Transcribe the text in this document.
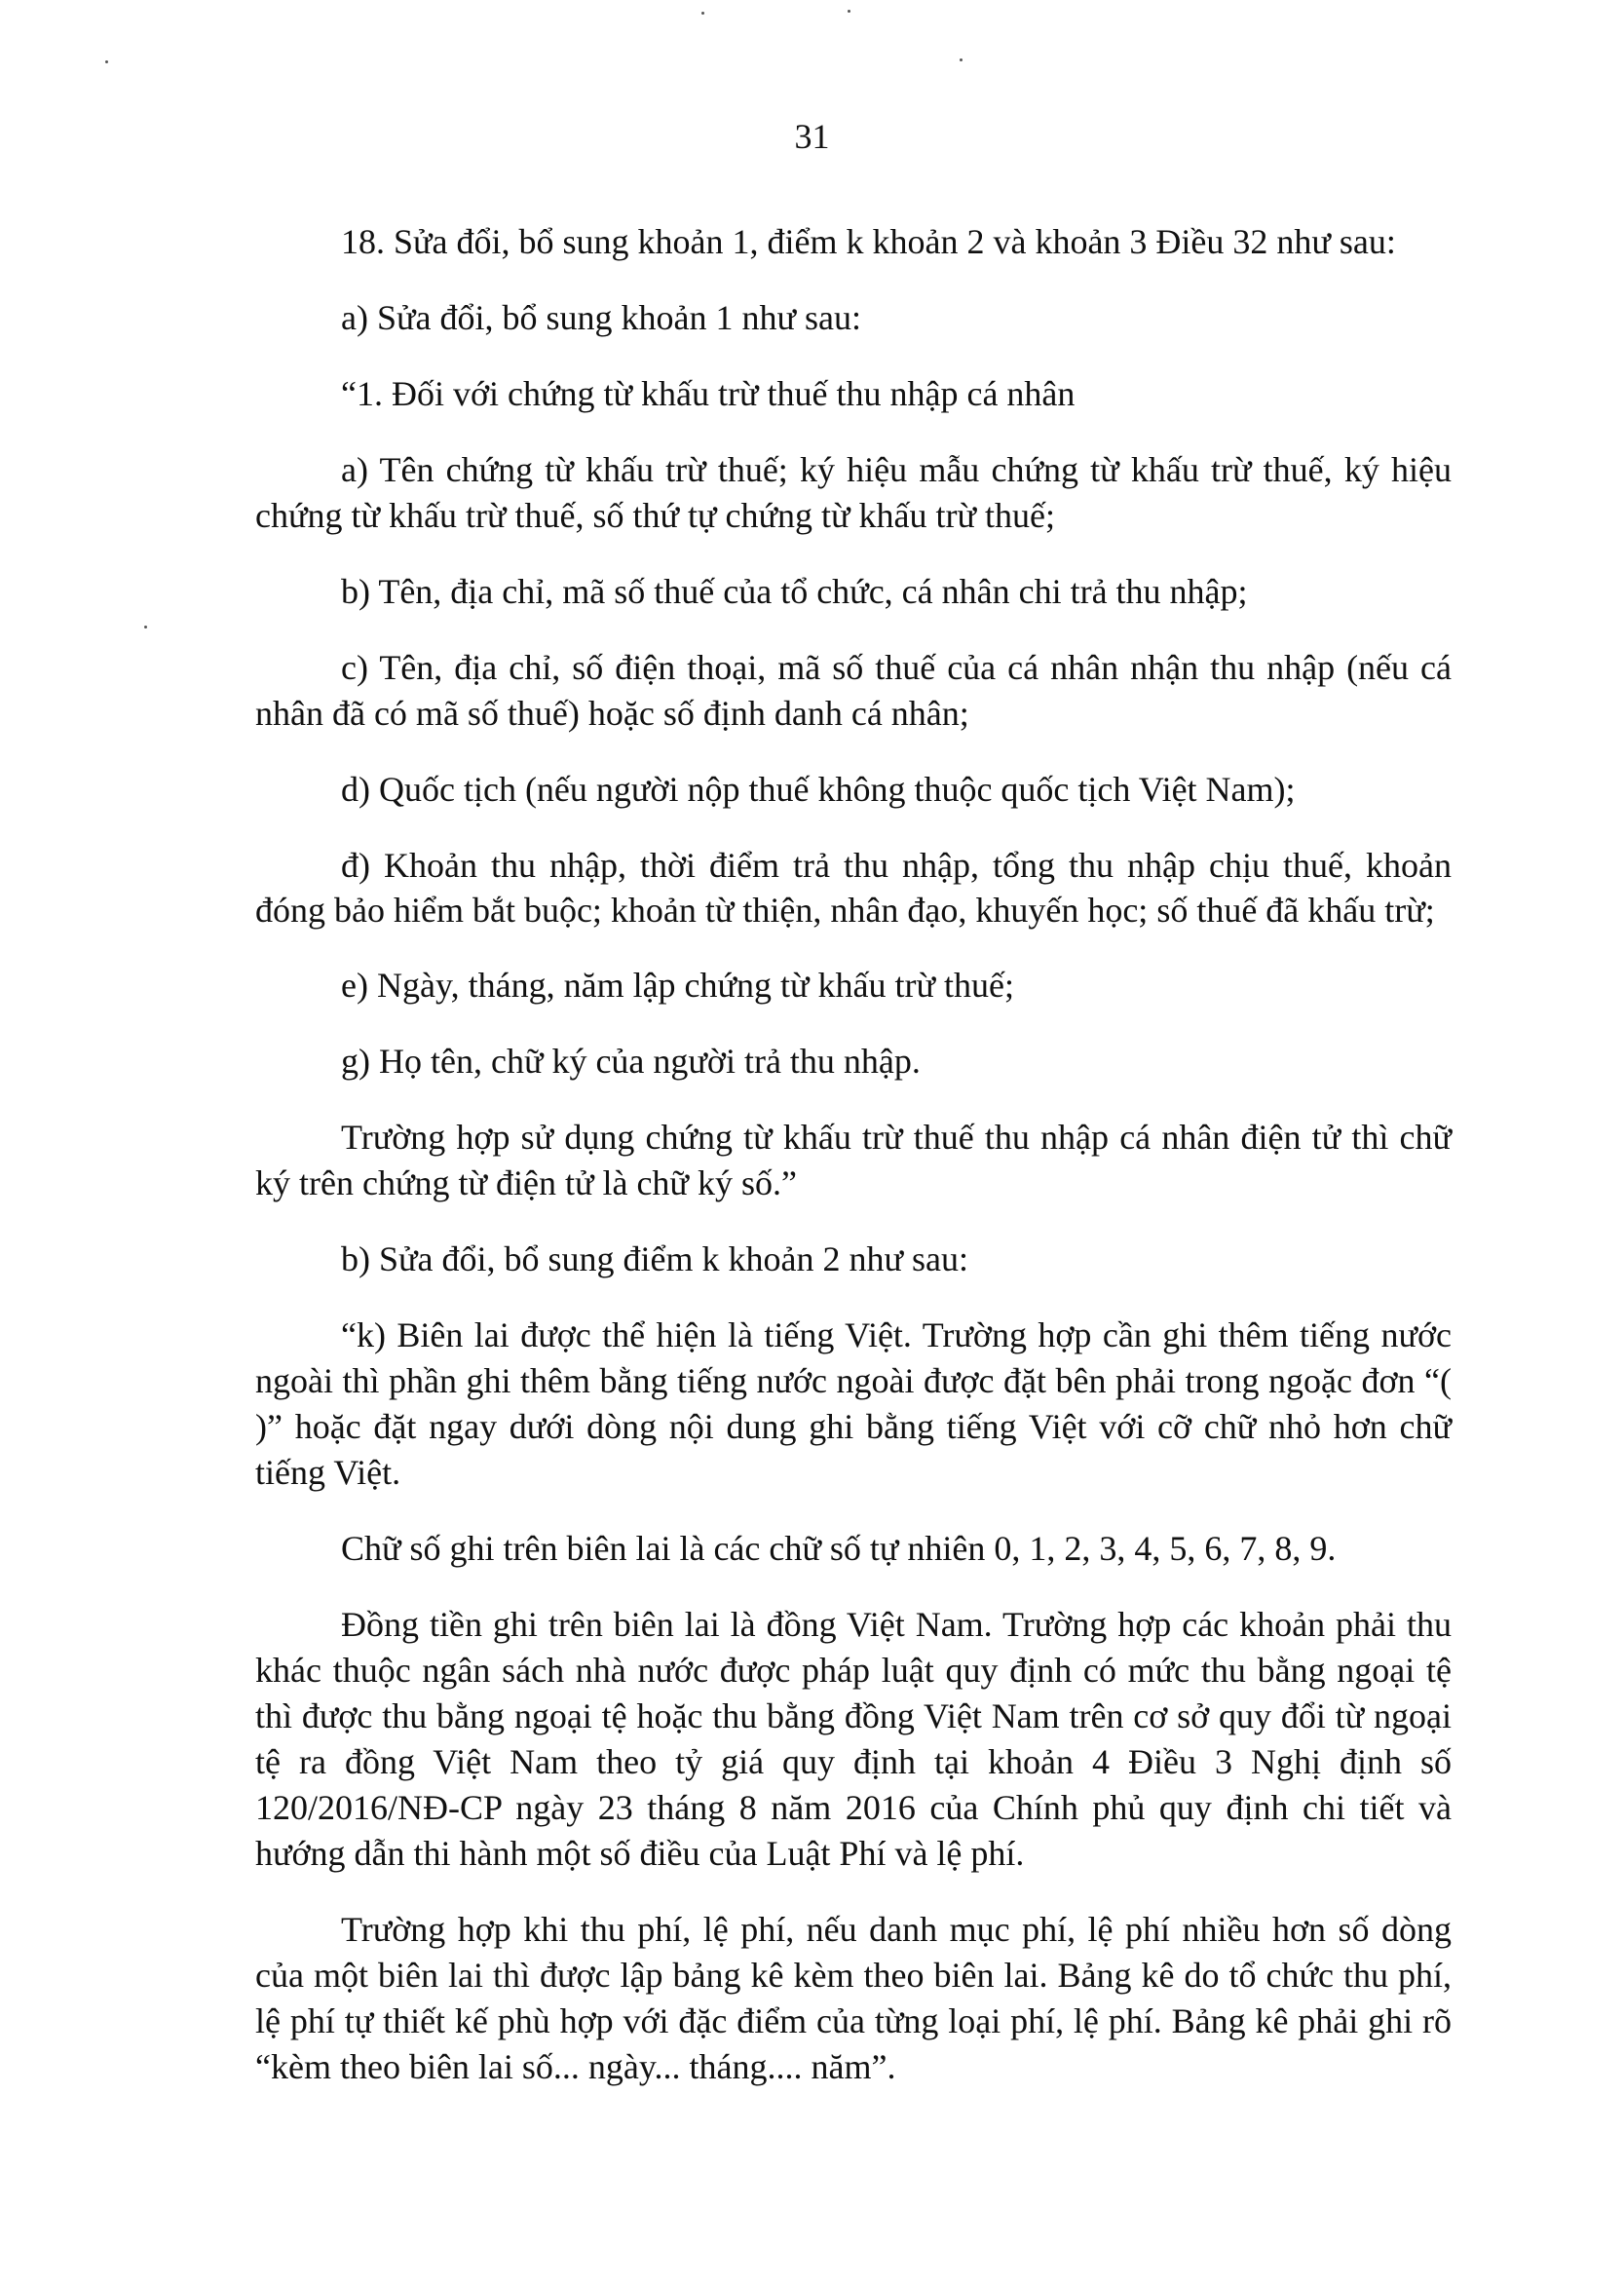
31

18. Sửa đổi, bổ sung khoản 1, điểm k khoản 2 và khoản 3 Điều 32 như sau:

a) Sửa đổi, bổ sung khoản 1 như sau:

“1. Đối với chứng từ khấu trừ thuế thu nhập cá nhân

a) Tên chứng từ khấu trừ thuế; ký hiệu mẫu chứng từ khấu trừ thuế, ký hiệu chứng từ khấu trừ thuế, số thứ tự chứng từ khấu trừ thuế;

b) Tên, địa chỉ, mã số thuế của tổ chức, cá nhân chi trả thu nhập;

c) Tên, địa chỉ, số điện thoại, mã số thuế của cá nhân nhận thu nhập (nếu cá nhân đã có mã số thuế) hoặc số định danh cá nhân;

d) Quốc tịch (nếu người nộp thuế không thuộc quốc tịch Việt Nam);

đ) Khoản thu nhập, thời điểm trả thu nhập, tổng thu nhập chịu thuế, khoản đóng bảo hiểm bắt buộc; khoản từ thiện, nhân đạo, khuyến học; số thuế đã khấu trừ;

e) Ngày, tháng, năm lập chứng từ khấu trừ thuế;

g) Họ tên, chữ ký của người trả thu nhập.

Trường hợp sử dụng chứng từ khấu trừ thuế thu nhập cá nhân điện tử thì chữ ký trên chứng từ điện tử là chữ ký số.”

b) Sửa đổi, bổ sung điểm k khoản 2 như sau:

“k) Biên lai được thể hiện là tiếng Việt. Trường hợp cần ghi thêm tiếng nước ngoài thì phần ghi thêm bằng tiếng nước ngoài được đặt bên phải trong ngoặc đơn “( )” hoặc đặt ngay dưới dòng nội dung ghi bằng tiếng Việt với cỡ chữ nhỏ hơn chữ tiếng Việt.

Chữ số ghi trên biên lai là các chữ số tự nhiên 0, 1, 2, 3, 4, 5, 6, 7, 8, 9.

Đồng tiền ghi trên biên lai là đồng Việt Nam. Trường hợp các khoản phải thu khác thuộc ngân sách nhà nước được pháp luật quy định có mức thu bằng ngoại tệ thì được thu bằng ngoại tệ hoặc thu bằng đồng Việt Nam trên cơ sở quy đổi từ ngoại tệ ra đồng Việt Nam theo tỷ giá quy định tại khoản 4 Điều 3 Nghị định số 120/2016/NĐ-CP ngày 23 tháng 8 năm 2016 của Chính phủ quy định chi tiết và hướng dẫn thi hành một số điều của Luật Phí và lệ phí.

Trường hợp khi thu phí, lệ phí, nếu danh mục phí, lệ phí nhiều hơn số dòng của một biên lai thì được lập bảng kê kèm theo biên lai. Bảng kê do tổ chức thu phí, lệ phí tự thiết kế phù hợp với đặc điểm của từng loại phí, lệ phí. Bảng kê phải ghi rõ “kèm theo biên lai số... ngày... tháng.... năm”.
